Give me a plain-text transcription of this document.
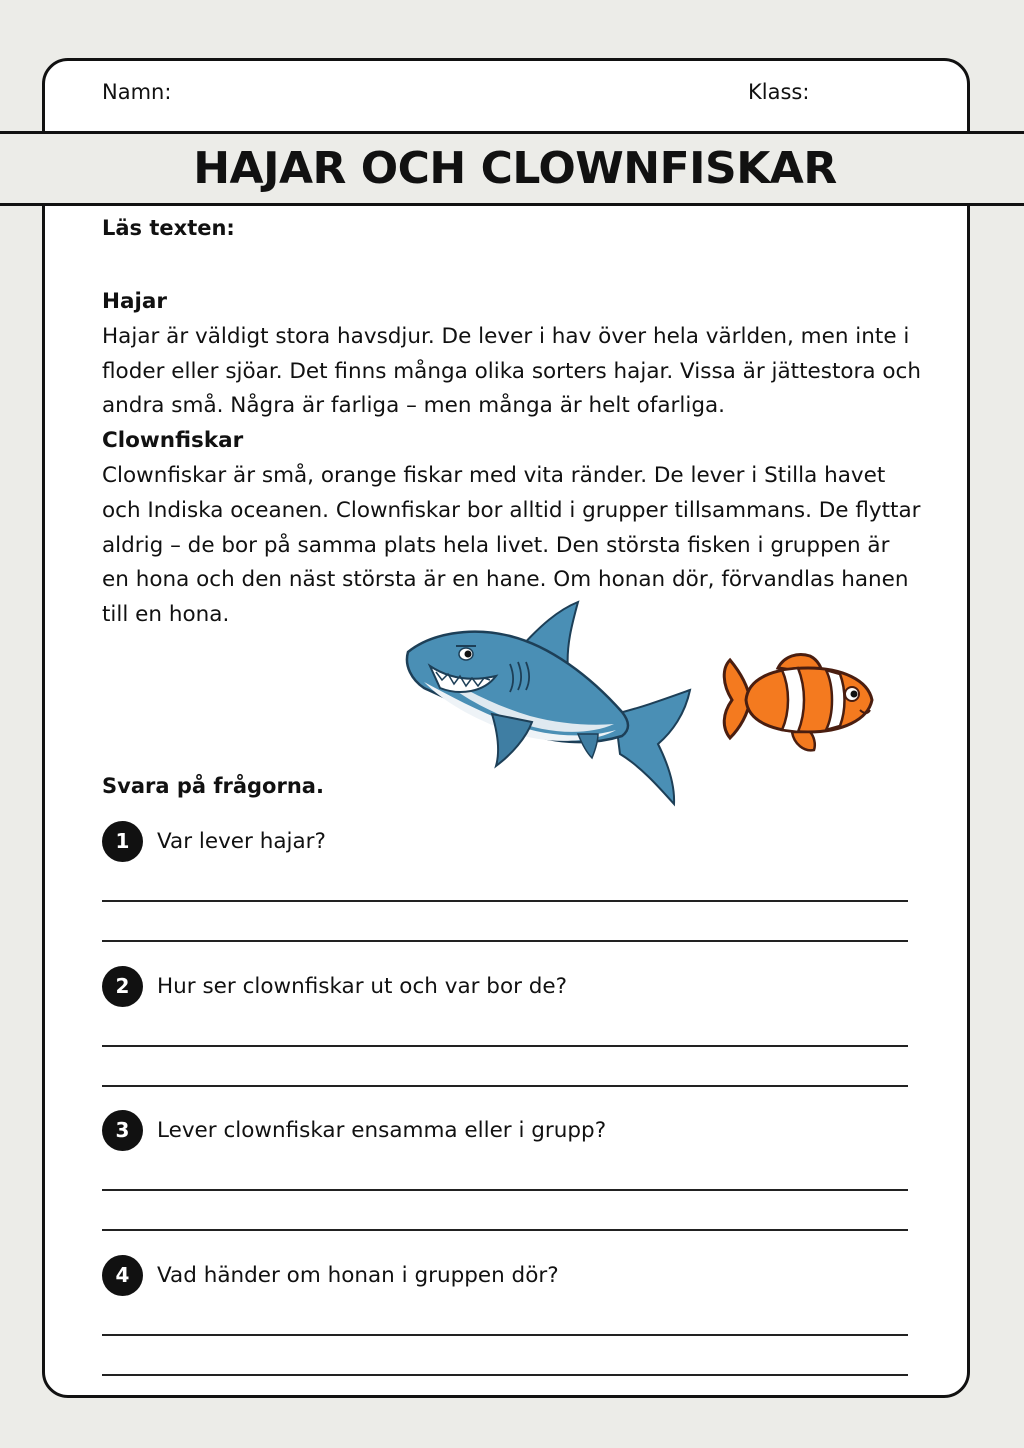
Namn:	Klass:
HAJAR OCH CLOWNFISKAR
Läs texten:

Hajar

Hajar är väldigt stora havsdjur. De lever i hav över hela världen, men inte i floder eller sjöar. Det finns många olika sorters hajar. Vissa är jättestora och andra små. Några är farliga – men många är helt ofarliga.

Clownfiskar

Clownfiskar är små, orange fiskar med vita ränder. De lever i Stilla havet och Indiska oceanen. Clownfiskar bor alltid i grupper tillsammans. De flyttar aldrig – de bor på samma plats hela livet. Den största fisken i gruppen är en hona och den näst största är en hane. Om honan dör, förvandlas hanen till en hona.

Svara på frågorna.
1	Var lever hajar?
2	Hur ser clownfiskar ut och var bor de?
3	Lever clownfiskar ensamma eller i grupp?
4	Vad händer om honan i gruppen dör?
